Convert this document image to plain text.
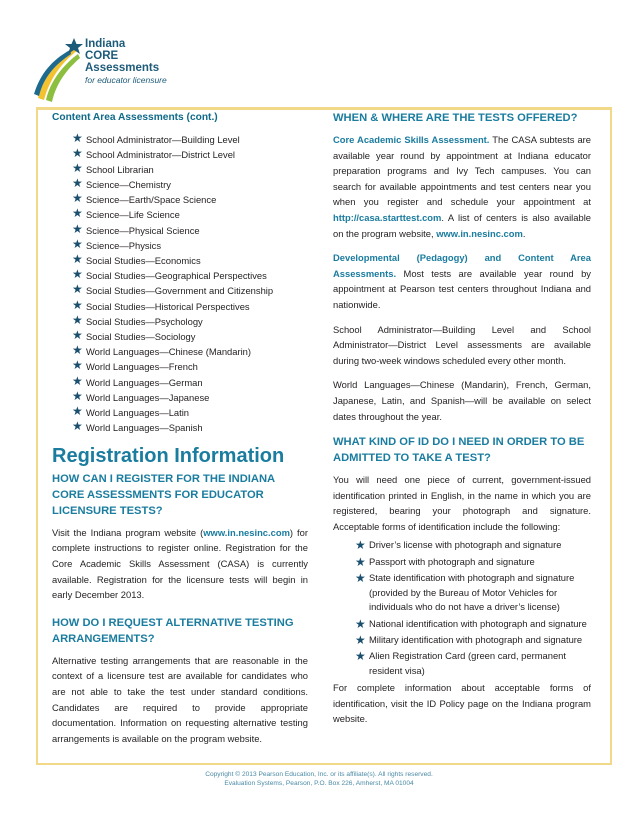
Indiana
CORE
Assessments
for educator licensure
Content Area Assessments (cont.)
★ School Administrator—Building Level
★ School Administrator—District Level
★ School Librarian
★ Science—Chemistry
★ Science—Earth/Space Science
★ Science—Life Science
★ Science—Physical Science
★ Science—Physics
★ Social Studies—Economics
★ Social Studies—Geographical Perspectives
★ Social Studies—Government and Citizenship
★ Social Studies—Historical Perspectives
★ Social Studies—Psychology
★ Social Studies—Sociology
★ World Languages—Chinese (Mandarin)
★ World Languages—French
★ World Languages—German
★ World Languages—Japanese
★ World Languages—Latin
★ World Languages—Spanish
Registration Information
HOW CAN I REGISTER FOR THE INDIANA CORE ASSESSMENTS FOR EDUCATOR LICENSURE TESTS?

Visit the Indiana program website (www.in.nesinc.com) for complete instructions to register online. Registration for the Core Academic Skills Assessment (CASA) is currently available. Registration for the licensure tests will begin in early December 2013.

HOW DO I REQUEST ALTERNATIVE TESTING ARRANGEMENTS?

Alternative testing arrangements that are reasonable in the context of a licensure test are available for candidates who are not able to take the test under standard conditions. Candidates are required to provide appropriate documentation. Information on requesting alternative testing arrangements is available on the program website.

WHEN & WHERE ARE THE TESTS OFFERED?

Core Academic Skills Assessment. The CASA subtests are available year round by appointment at Indiana educator preparation programs and Ivy Tech campuses. You can search for available appointments and test centers near you when you register and schedule your appointment at http://casa.starttest.com. A list of centers is also available on the program website, www.in.nesinc.com.

Developmental (Pedagogy) and Content Area Assessments. Most tests are available year round by appointment at Pearson test centers throughout Indiana and nationwide.

School Administrator—Building Level and School Administrator—District Level assessments are available during two-week windows scheduled every other month.

World Languages—Chinese (Mandarin), French, German, Japanese, Latin, and Spanish—will be available on select dates throughout the year.

WHAT KIND OF ID DO I NEED IN ORDER TO BE ADMITTED TO TAKE A TEST?

You will need one piece of current, government-issued identification printed in English, in the name in which you are registered, bearing your photograph and signature. Acceptable forms of identification include the following:

★ Driver’s license with photograph and signature
★ Passport with photograph and signature
★ State identification with photograph and signature (provided by the Bureau of Motor Vehicles for individuals who do not have a driver’s license)
★ National identification with photograph and signature
★ Military identification with photograph and signature
★ Alien Registration Card (green card, permanent resident visa)

For complete information about acceptable forms of identification, visit the ID Policy page on the Indiana program website.

Copyright © 2013 Pearson Education, Inc. or its affiliate(s). All rights reserved.
Evaluation Systems, Pearson, P.O. Box 226, Amherst, MA 01004
